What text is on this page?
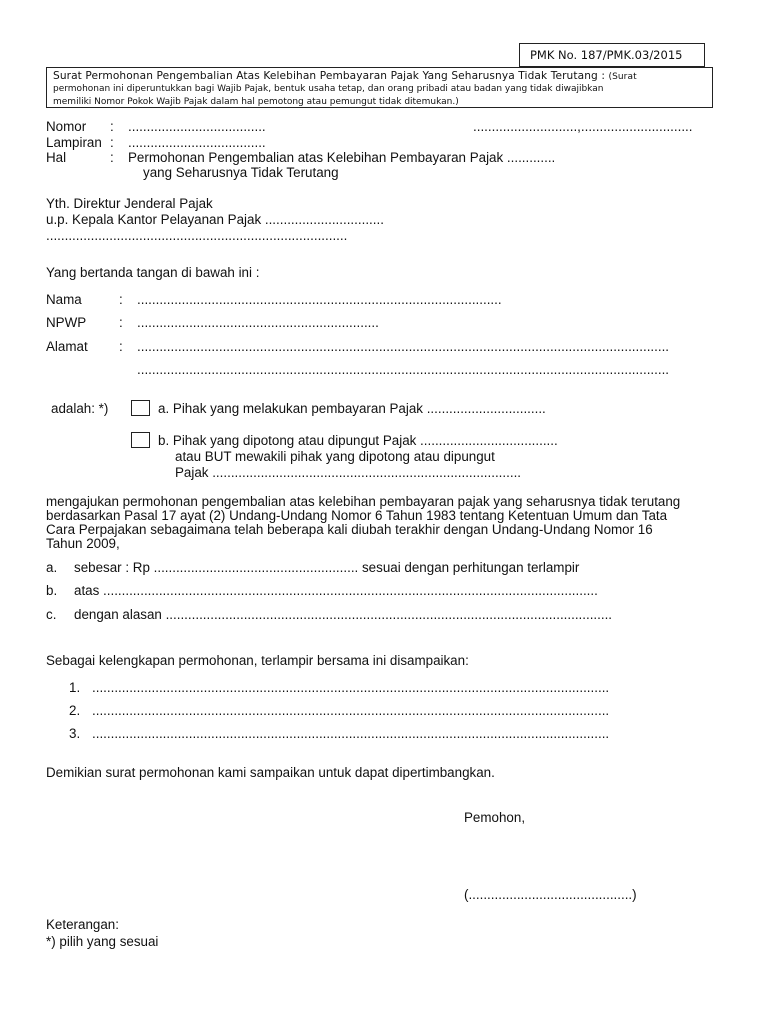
PMK No. 187/PMK.03/2015
Surat Permohonan Pengembalian Atas Kelebihan Pembayaran Pajak Yang Seharusnya Tidak Terutang : (Surat
permohonan ini diperuntukkan bagi Wajib Pajak, bentuk usaha tetap, dan orang pribadi atau badan yang tidak diwajibkan
memiliki Nomor Pokok Wajib Pajak dalam hal pemotong atau pemungut tidak ditemukan.)
Nomor : .....................................	............................,..............................
Lampiran : .....................................
Hal	: Permohonan Pengembalian atas Kelebihan Pembayaran Pajak .............
yang Seharusnya Tidak Terutang
Yth. Direktur Jenderal Pajak
u.p. Kepala Kantor Pelayanan Pajak ................................
.................................................................................
Yang bertanda tangan di bawah ini :
Nama	: ..................................................................................................
NPWP : .................................................................
Alamat : ...............................................................................................................................................
...............................................................................................................................................
adalah: *)	a. Pihak yang melakukan pembayaran Pajak ................................
b. Pihak yang dipotong atau dipungut Pajak .....................................
atau BUT mewakili pihak yang dipotong atau dipungut
Pajak ...................................................................................
mengajukan permohonan pengembalian atas kelebihan pembayaran pajak yang seharusnya tidak terutang
berdasarkan Pasal 17 ayat (2) Undang-Undang Nomor 6 Tahun 1983 tentang Ketentuan Umum dan Tata
Cara Perpajakan sebagaimana telah beberapa kali diubah terakhir dengan Undang-Undang Nomor 16
Tahun 2009,
a. sebesar : Rp ....................................................... sesuai dengan perhitungan terlampir
b. atas .....................................................................................................................................
c. dengan alasan ........................................................................................................................
Sebagai kelengkapan permohonan, terlampir bersama ini disampaikan:
1. ...........................................................................................................................................
2. ...........................................................................................................................................
3. ...........................................................................................................................................
Demikian surat permohonan kami sampaikan untuk dapat dipertimbangkan.
Pemohon,
(............................................)
Keterangan:
*) pilih yang sesuai
